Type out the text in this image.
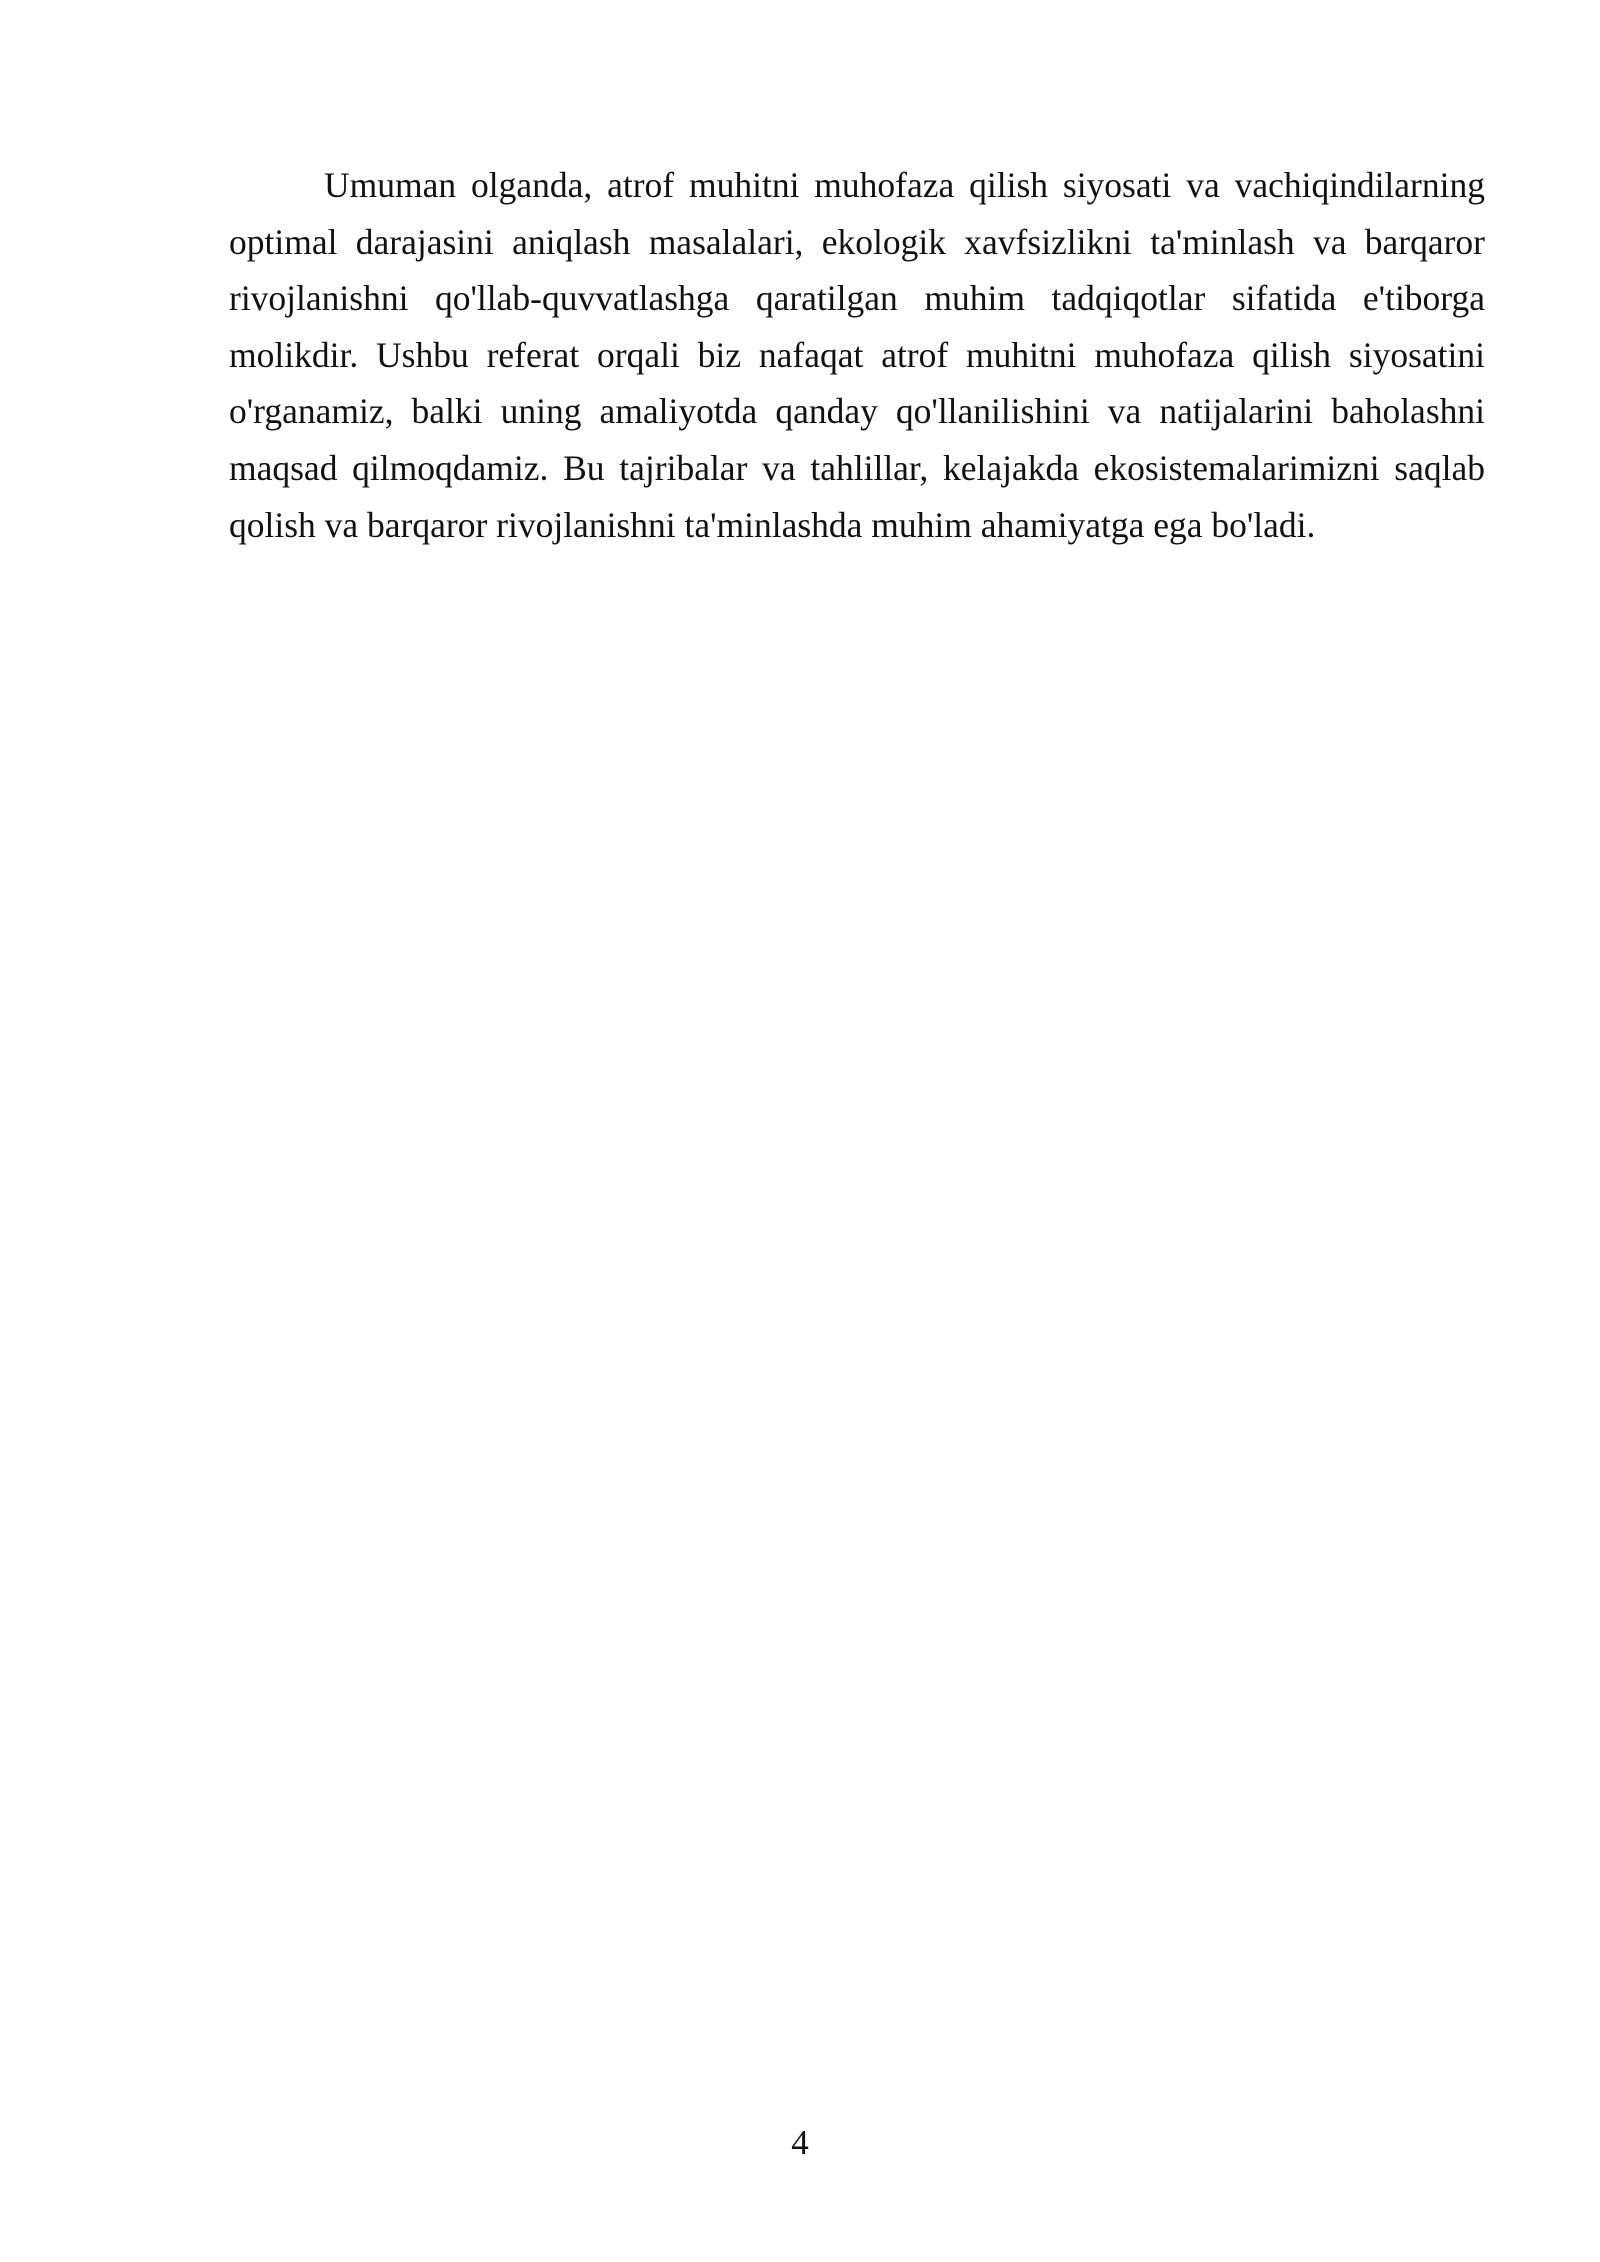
Umuman olganda, atrof muhitni muhofaza qilish siyosati va vachiqindilarning optimal darajasini aniqlash masalalari, ekologik xavfsizlikni ta'minlash va barqaror rivojlanishni qo'llab-quvvatlashga qaratilgan muhim tadqiqotlar sifatida e'tiborga molikdir. Ushbu referat orqali biz nafaqat atrof muhitni muhofaza qilish siyosatini o'rganamiz, balki uning amaliyotda qanday qo'llanilishini va natijalarini baholashni maqsad qilmoqdamiz. Bu tajribalar va tahlillar, kelajakda ekosistemalarimizni saqlab qolish va barqaror rivojlanishni ta'minlashda muhim ahamiyatga ega bo'ladi.

4
